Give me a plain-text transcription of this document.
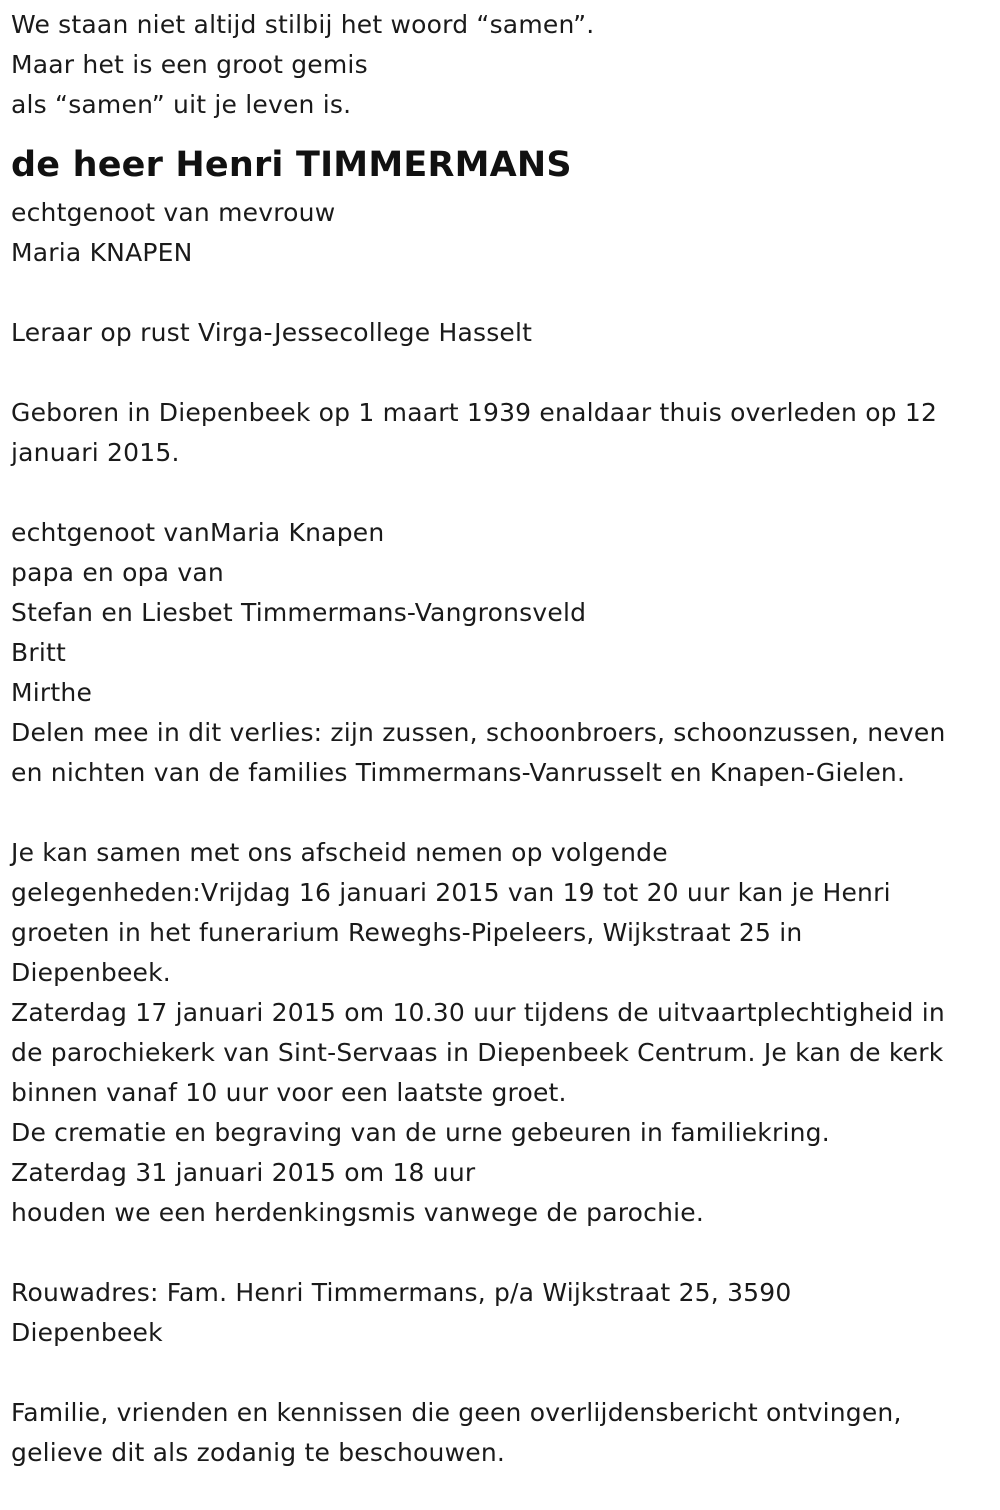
We staan niet altijd stilbij het woord “samen”.
Maar het is een groot gemis
als “samen” uit je leven is.
de heer Henri TIMMERMANS
echtgenoot van mevrouw
Maria KNAPEN
Leraar op rust Virga-Jessecollege Hasselt
Geboren in Diepenbeek op 1 maart 1939 enaldaar thuis overleden op 12
januari 2015.
echtgenoot vanMaria Knapen
papa en opa van
Stefan en Liesbet Timmermans-Vangronsveld
Britt
Mirthe
Delen mee in dit verlies: zijn zussen, schoonbroers, schoonzussen, neven
en nichten van de families Timmermans-Vanrusselt en Knapen-Gielen.
Je kan samen met ons afscheid nemen op volgende
gelegenheden:Vrijdag 16 januari 2015 van 19 tot 20 uur kan je Henri
groeten in het funerarium Reweghs-Pipeleers, Wijkstraat 25 in
Diepenbeek.
Zaterdag 17 januari 2015 om 10.30 uur tijdens de uitvaartplechtigheid in
de parochiekerk van Sint-Servaas in Diepenbeek Centrum. Je kan de kerk
binnen vanaf 10 uur voor een laatste groet.
De crematie en begraving van de urne gebeuren in familiekring.
Zaterdag 31 januari 2015 om 18 uur
houden we een herdenkingsmis vanwege de parochie.
Rouwadres: Fam. Henri Timmermans, p/a Wijkstraat 25, 3590
Diepenbeek
Familie, vrienden en kennissen die geen overlijdensbericht ontvingen,
gelieve dit als zodanig te beschouwen.
